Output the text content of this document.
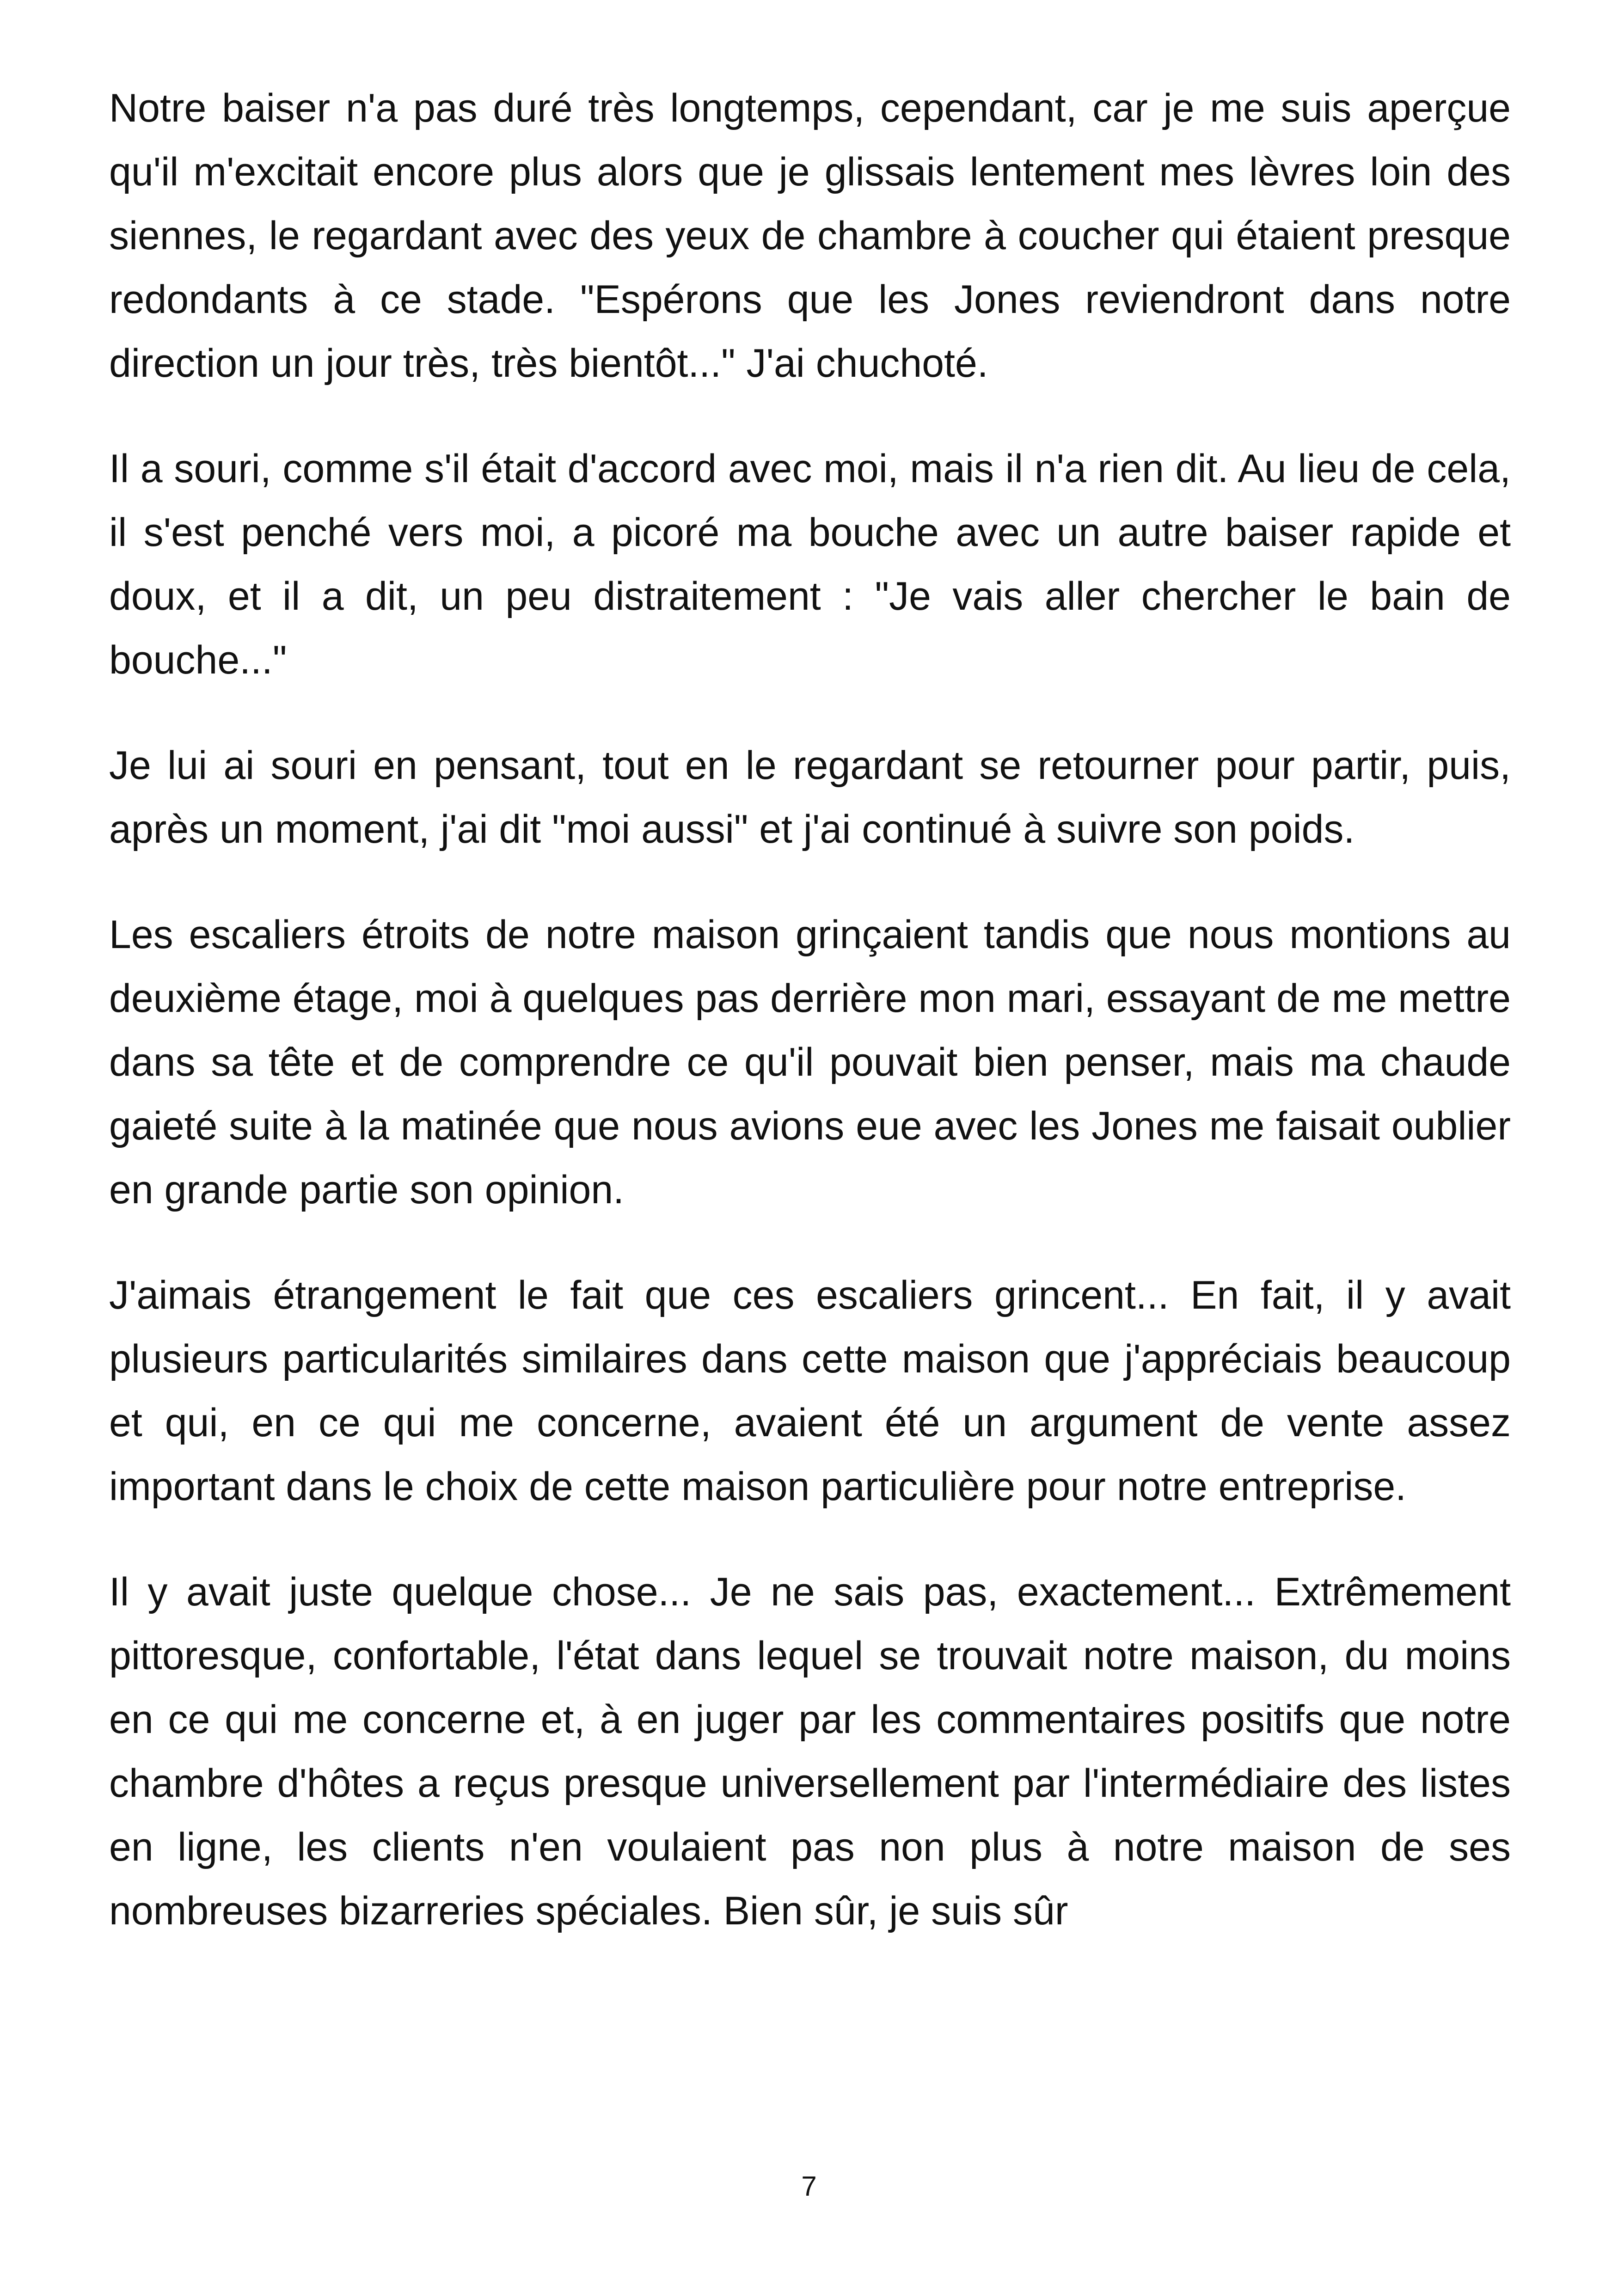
Notre baiser n'a pas duré très longtemps, cependant, car je me suis aperçue qu'il m'excitait encore plus alors que je glissais lentement mes lèvres loin des siennes, le regardant avec des yeux de chambre à coucher qui étaient presque redondants à ce stade. "Espérons que les Jones reviendront dans notre direction un jour très, très bientôt..." J'ai chuchoté.

Il a souri, comme s'il était d'accord avec moi, mais il n'a rien dit. Au lieu de cela, il s'est penché vers moi, a picoré ma bouche avec un autre baiser rapide et doux, et il a dit, un peu distraitement : "Je vais aller chercher le bain de bouche..."

Je lui ai souri en pensant, tout en le regardant se retourner pour partir, puis, après un moment, j'ai dit "moi aussi" et j'ai continué à suivre son poids.

Les escaliers étroits de notre maison grinçaient tandis que nous montions au deuxième étage, moi à quelques pas derrière mon mari, essayant de me mettre dans sa tête et de comprendre ce qu'il pouvait bien penser, mais ma chaude gaieté suite à la matinée que nous avions eue avec les Jones me faisait oublier en grande partie son opinion.

J'aimais étrangement le fait que ces escaliers grincent... En fait, il y avait plusieurs particularités similaires dans cette maison que j'appréciais beaucoup et qui, en ce qui me concerne, avaient été un argument de vente assez important dans le choix de cette maison particulière pour notre entreprise.

Il y avait juste quelque chose... Je ne sais pas, exactement... Extrêmement pittoresque, confortable, l'état dans lequel se trouvait notre maison, du moins en ce qui me concerne et, à en juger par les commentaires positifs que notre chambre d'hôtes a reçus presque universellement par l'intermédiaire des listes en ligne, les clients n'en voulaient pas non plus à notre maison de ses nombreuses bizarreries spéciales. Bien sûr, je suis sûr

7
